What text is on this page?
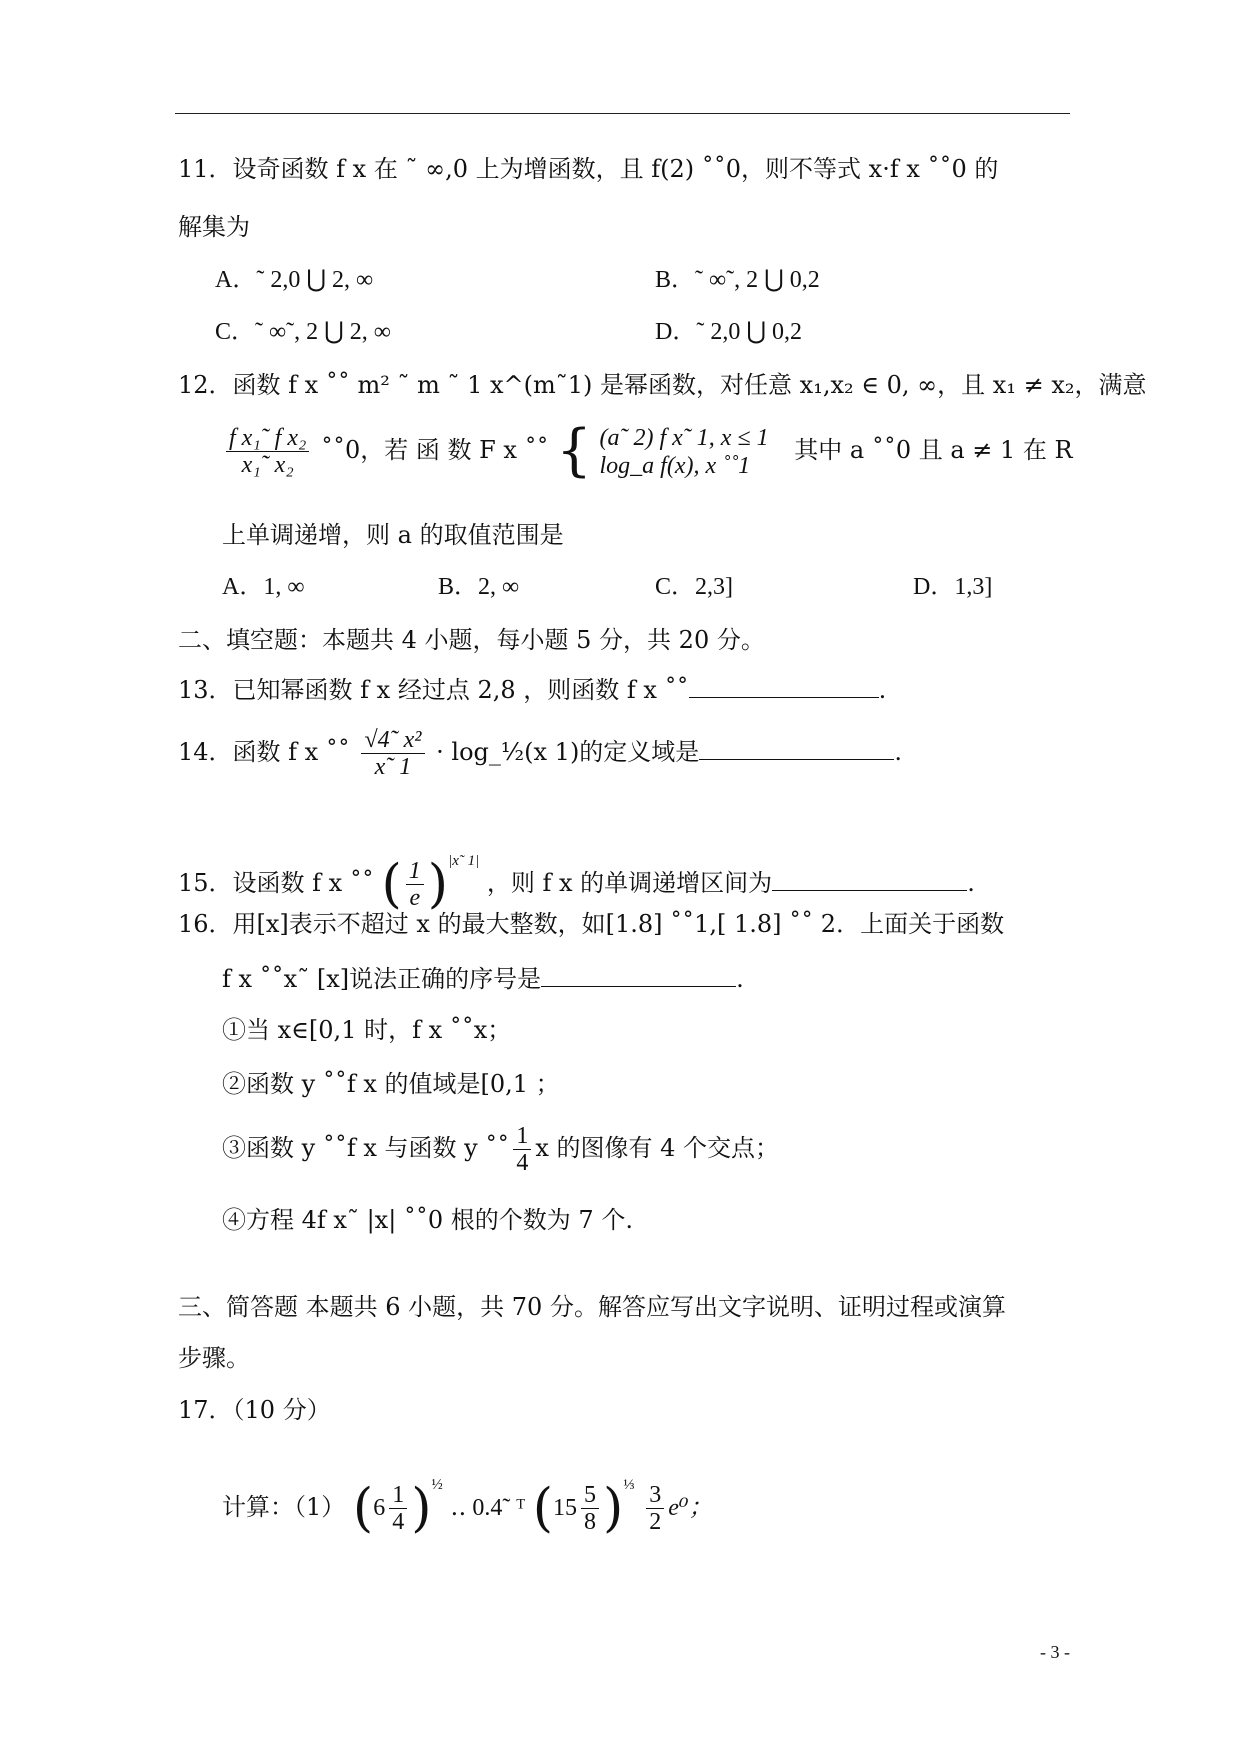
11．设奇函数 f x 在 ˜ ∞,0 上为增函数，且 f(2) ˚˚0，则不等式 x·f x ˚˚0 的
解集为
A．˜ 2,0 ⋃ 2, ∞	B．˜ ∞˜, 2 ⋃ 0,2
C．˜ ∞˜, 2 ⋃ 2, ∞	D．˜ 2,0 ⋃ 0,2
12．函数 f x ˚˚ m² ˜ m ˜ 1 x^(m˜1) 是幂函数，对任意 x₁,x₂ ∈ 0, ∞，且 x₁ ≠ x₂，满意
$\frac{\text{f x₁˜ f x₂}}{\text{x₁˜ x₂}}$ ˚˚0，若 函 数 F x ˚˚ { (a˜ 2) f x˜ 1, x ≤ 1
log_a f(x), x ˚˚1
其中 a ˚˚0 且 a ≠ 1 在 R
上单调递增，则 a 的取值范围是
A．1, ∞	B．2, ∞	C．2,3]	D．1,3]
二、填空题：本题共 4 小题，每小题 5 分，共 20 分。
13．已知幂函数 f x 经过点 2,8 ，则函数 f x ˚˚	.
14．函数 f x ˚˚ $\frac{\text{√4˜ x²}}{x˜ 1}$ · log_½(x 1)的定义域是	.
15．设函数 f x ˚˚ ( $\frac{1}{e} )^{|x˜ 1|}$ ，则 f x 的单调递增区间为	.
16．用[x]表示不超过 x 的最大整数，如[1.8] ˚˚1,[ 1.8] ˚˚ 2．上面关于函数
f x ˚˚x˜ [x]说法正确的序号是	.
①当 x∈[0,1 时，f x ˚˚x；
②函数 y ˚˚f x 的值域是[0,1 ；
③函数 y ˚˚f x 与函数 y ˚˚ $\frac{1}{4}$ x 的图像有 4 个交点；
④方程 4f x˜ |x| ˚˚0 根的个数为 7 个.
三、简答题 本题共 6 小题，共 70 分。解答应写出文字说明、证明过程或演算
步骤。
17．（10 分）
计算：（1） $(6 \frac{1}{4} )^{\frac{1}{2}}$ ‥ 0.4˜ ᵀ $(15 \frac{5}{8} )^{\frac{1}{3}} \frac{3}{2} e^0$；
- 3 -
